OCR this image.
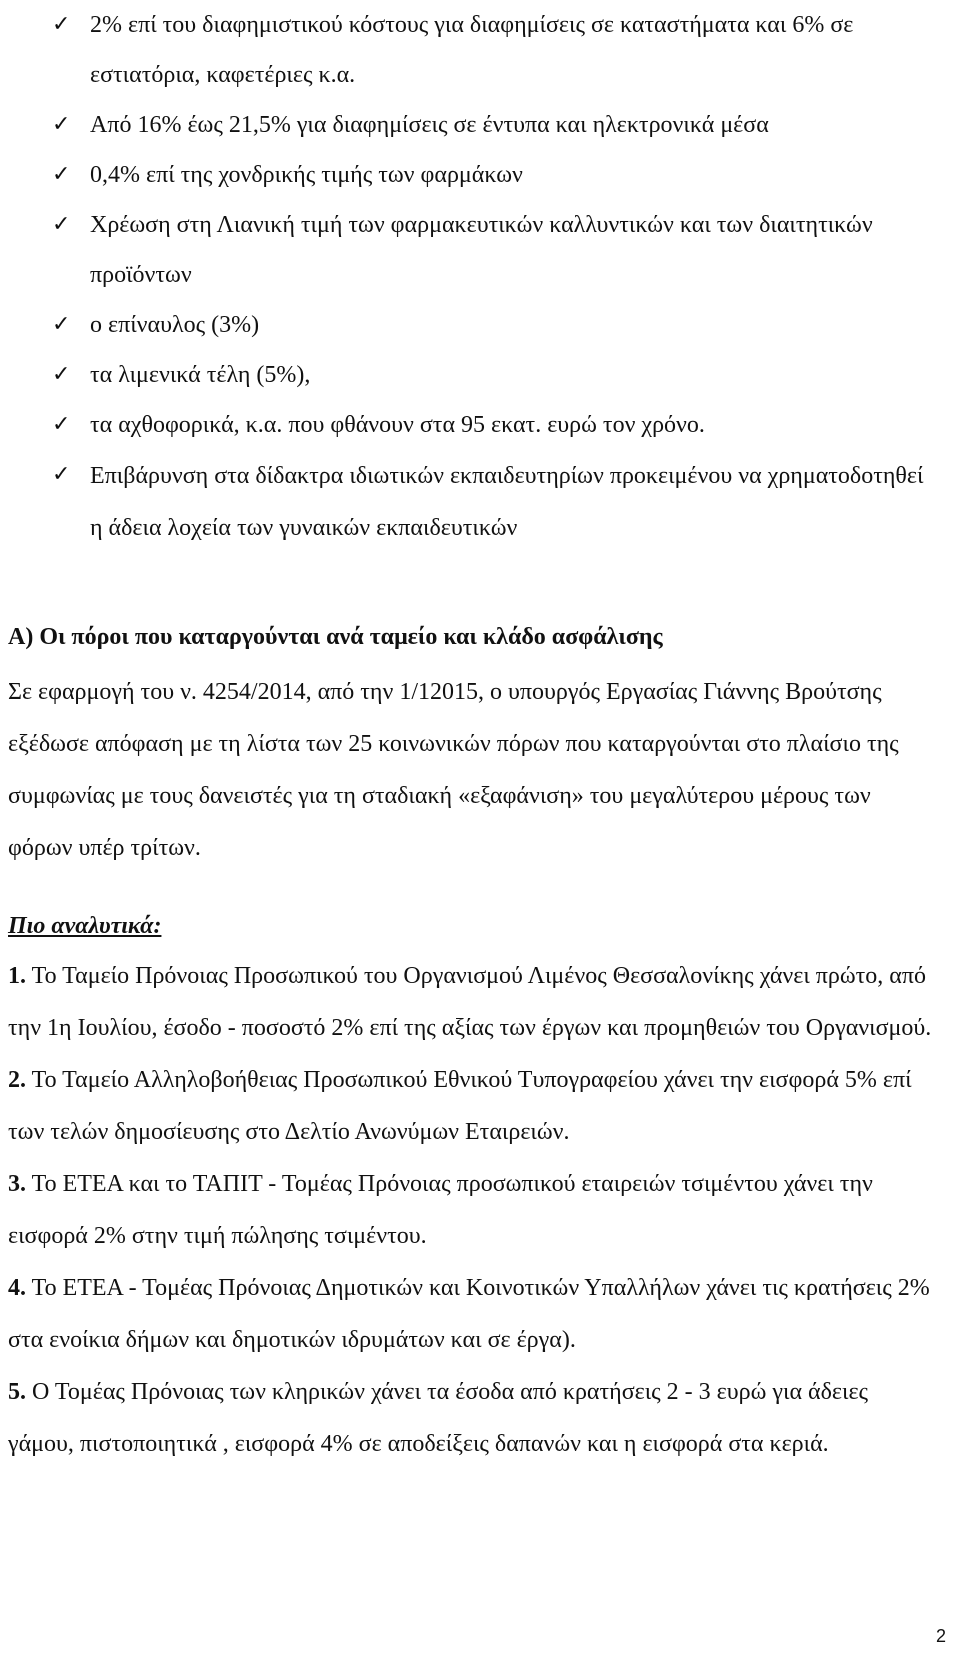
✓ 2% επί του διαφημιστικού κόστους για διαφημίσεις σε καταστήματα και 6% σε εστιατόρια, καφετέριες κ.α.
✓ Από 16% έως 21,5% για διαφημίσεις σε έντυπα και ηλεκτρονικά μέσα
✓ 0,4% επί της χονδρικής τιμής των φαρμάκων
✓ Χρέωση στη Λιανική τιμή των φαρμακευτικών καλλυντικών και των διαιτητικών προϊόντων
✓ ο επίναυλος (3%)
✓ τα λιμενικά τέλη (5%),
✓ τα αχθοφορικά, κ.α. που φθάνουν στα 95 εκατ. ευρώ τον χρόνο.
✓ Επιβάρυνση στα δίδακτρα ιδιωτικών εκπαιδευτηρίων προκειμένου να χρηματοδοτηθεί η άδεια λοχεία των γυναικών εκπαιδευτικών
Α) Οι πόροι που καταργούνται ανά ταμείο και κλάδο ασφάλισης

Σε εφαρμογή του ν. 4254/2014, από την 1/12015, ο υπουργός Εργασίας Γιάννης Βρούτσης εξέδωσε απόφαση με τη λίστα των 25 κοινωνικών πόρων που καταργούνται στο πλαίσιο της συμφωνίας με τους δανειστές για τη σταδιακή «εξαφάνιση» του μεγαλύτερου μέρους των φόρων υπέρ τρίτων.

Πιο αναλυτικά:

1. Το Ταμείο Πρόνοιας Προσωπικού του Οργανισμού Λιμένος Θεσσαλονίκης χάνει πρώτο, από την 1η Ιουλίου, έσοδο - ποσοστό 2% επί της αξίας των έργων και προμηθειών του Οργανισμού.

2. Το Ταμείο Αλληλοβοήθειας Προσωπικού Εθνικού Τυπογραφείου χάνει την εισφορά 5% επί των τελών δημοσίευσης στο Δελτίο Ανωνύμων Εταιρειών.

3. Το ΕΤΕΑ και το ΤΑΠΙΤ - Τομέας Πρόνοιας προσωπικού εταιρειών τσιμέντου χάνει την εισφορά 2% στην τιμή πώλησης τσιμέντου.

4. Το ΕΤΕΑ - Τομέας Πρόνοιας Δημοτικών και Κοινοτικών Υπαλλήλων χάνει τις κρατήσεις 2% στα ενοίκια δήμων και δημοτικών ιδρυμάτων και σε έργα).

5. Ο Τομέας Πρόνοιας των κληρικών χάνει τα έσοδα από κρατήσεις 2 - 3 ευρώ για άδειες γάμου, πιστοποιητικά , εισφορά 4% σε αποδείξεις δαπανών και η εισφορά στα κεριά.

2
